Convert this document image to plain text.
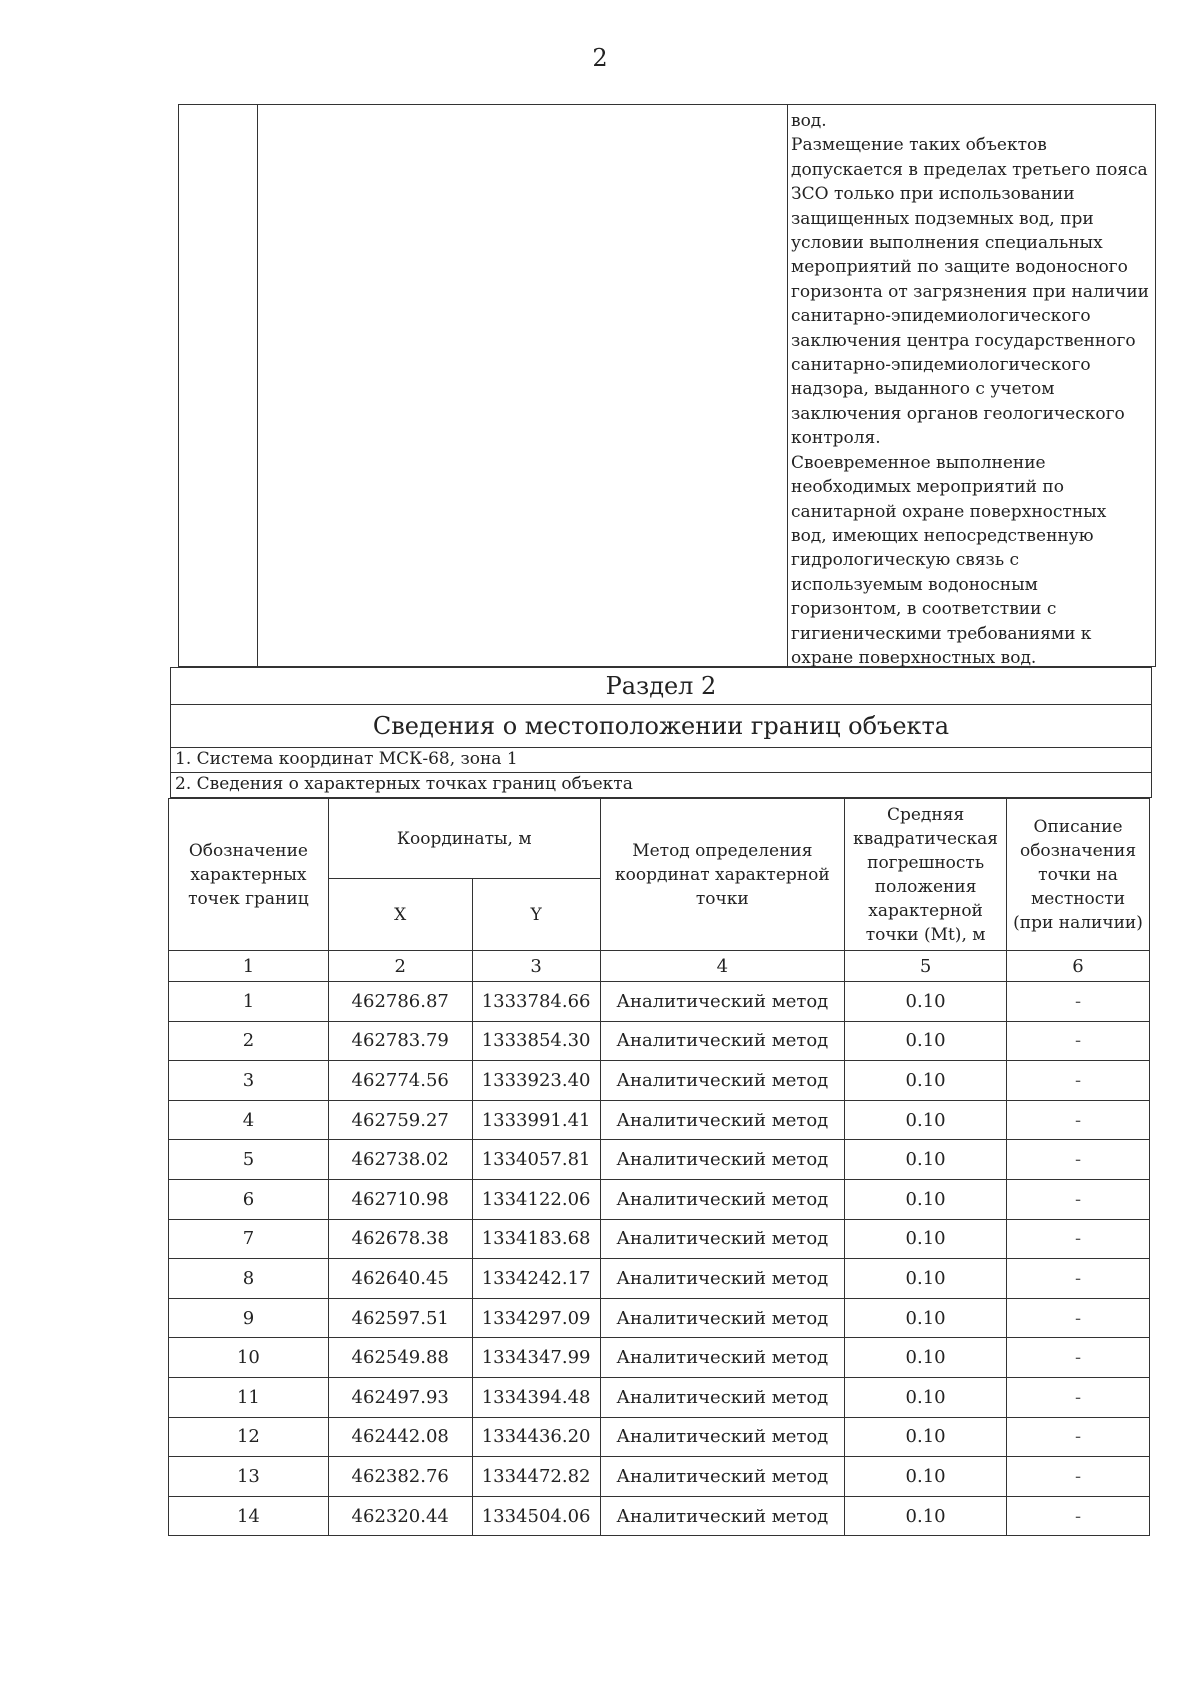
2
вод.
Размещение таких объектов
допускается в пределах третьего пояса
ЗСО только при использовании
защищенных подземных вод, при
условии выполнения специальных
мероприятий по защите водоносного
горизонта от загрязнения при наличии
санитарно-эпидемиологического
заключения центра государственного
санитарно-эпидемиологического
надзора, выданного с учетом
заключения органов геологического
контроля.
Своевременное выполнение
необходимых мероприятий по
санитарной охране поверхностных
вод, имеющих непосредственную
гидрологическую связь с
используемым водоносным
горизонтом, в соответствии с
гигиеническими требованиями к
охране поверхностных вод.
Раздел 2
Сведения о местоположении границ объекта
1. Система координат МСК-68, зона 1
2. Сведения о характерных точках границ объекта
Обозначение характерных точек границ	Координаты, м		Метод определения координат характерной точки	Средняя квадратическая погрешность положения характерной точки (Mt), м	Описание обозначения точки на местности (при наличии)
	X	Y			
1	2	3	4	5	6
1	462786.87	1333784.66	Аналитический метод	0.10	-
2	462783.79	1333854.30	Аналитический метод	0.10	-
3	462774.56	1333923.40	Аналитический метод	0.10	-
4	462759.27	1333991.41	Аналитический метод	0.10	-
5	462738.02	1334057.81	Аналитический метод	0.10	-
6	462710.98	1334122.06	Аналитический метод	0.10	-
7	462678.38	1334183.68	Аналитический метод	0.10	-
8	462640.45	1334242.17	Аналитический метод	0.10	-
9	462597.51	1334297.09	Аналитический метод	0.10	-
10	462549.88	1334347.99	Аналитический метод	0.10	-
11	462497.93	1334394.48	Аналитический метод	0.10	-
12	462442.08	1334436.20	Аналитический метод	0.10	-
13	462382.76	1334472.82	Аналитический метод	0.10	-
14	462320.44	1334504.06	Аналитический метод	0.10	-
